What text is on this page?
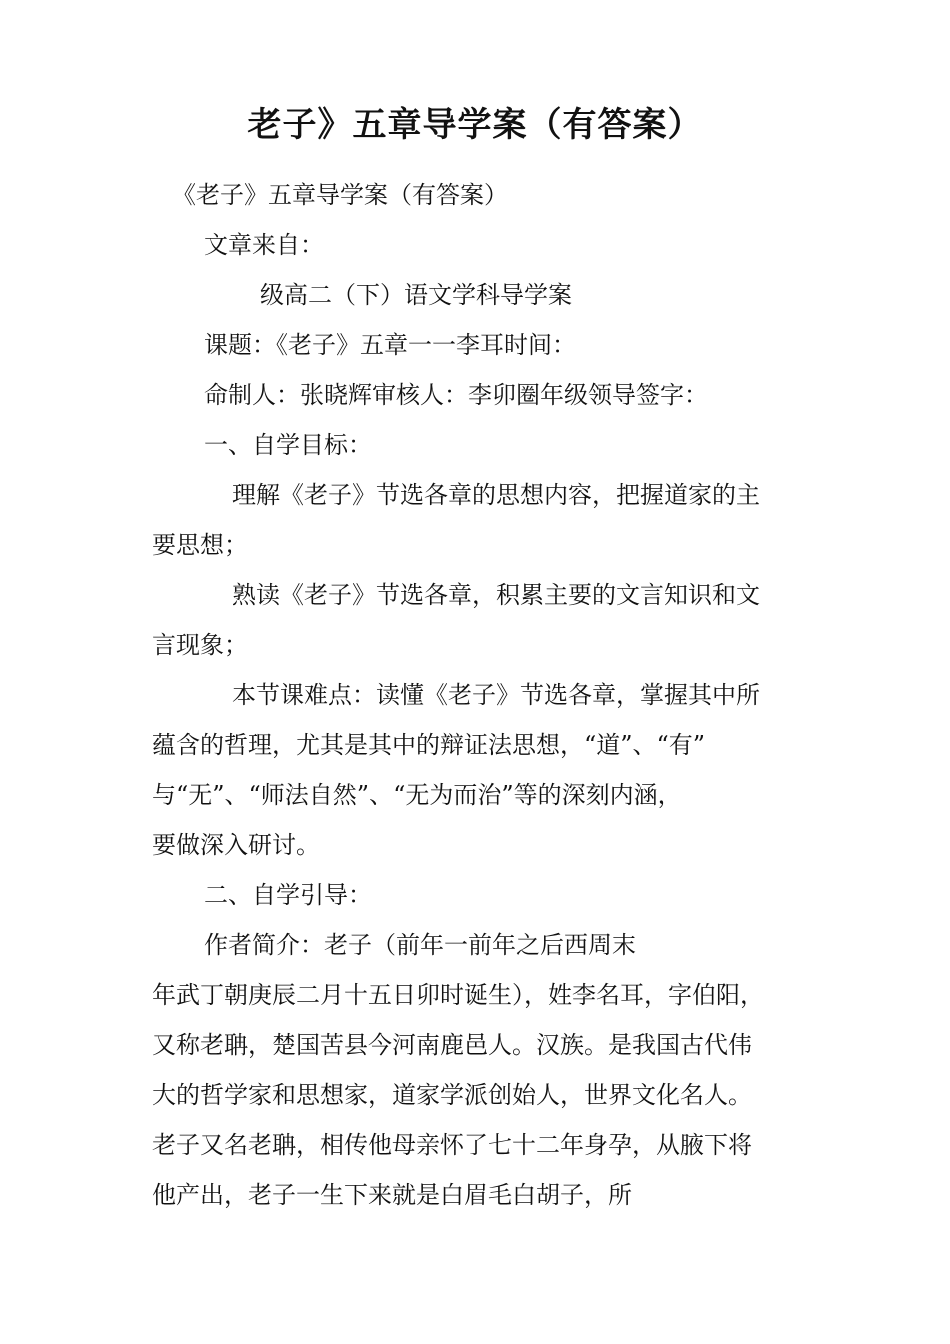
老子》五章导学案（有答案）
《老子》五章导学案（有答案）
文章来自：
级高二（下）语文学科导学案
课题：《老子》五章一一李耳时间：
命制人：张晓辉审核人：李卯圈年级领导签字：
一、自学目标：
理解《老子》节选各章的思想内容，把握道家的主
要思想；
熟读《老子》节选各章，积累主要的文言知识和文
言现象；
本节课难点：读懂《老子》节选各章，掌握其中所
蕴含的哲理，尤其是其中的辩证法思想，“道”、“有”
与“无”、“师法自然”、“无为而治”等的深刻内涵，
要做深入研讨。
二、自学引导：
作者简介：老子（前年一前年之后西周末
年武丁朝庚辰二月十五日卯时诞生），姓李名耳，字伯阳，
又称老聃，楚国苦县今河南鹿邑人。汉族。是我国古代伟
大的哲学家和思想家，道家学派创始人，世界文化名人。
老子又名老聃，相传他母亲怀了七十二年身孕，从腋下将
他产出，老子一生下来就是白眉毛白胡子，所
